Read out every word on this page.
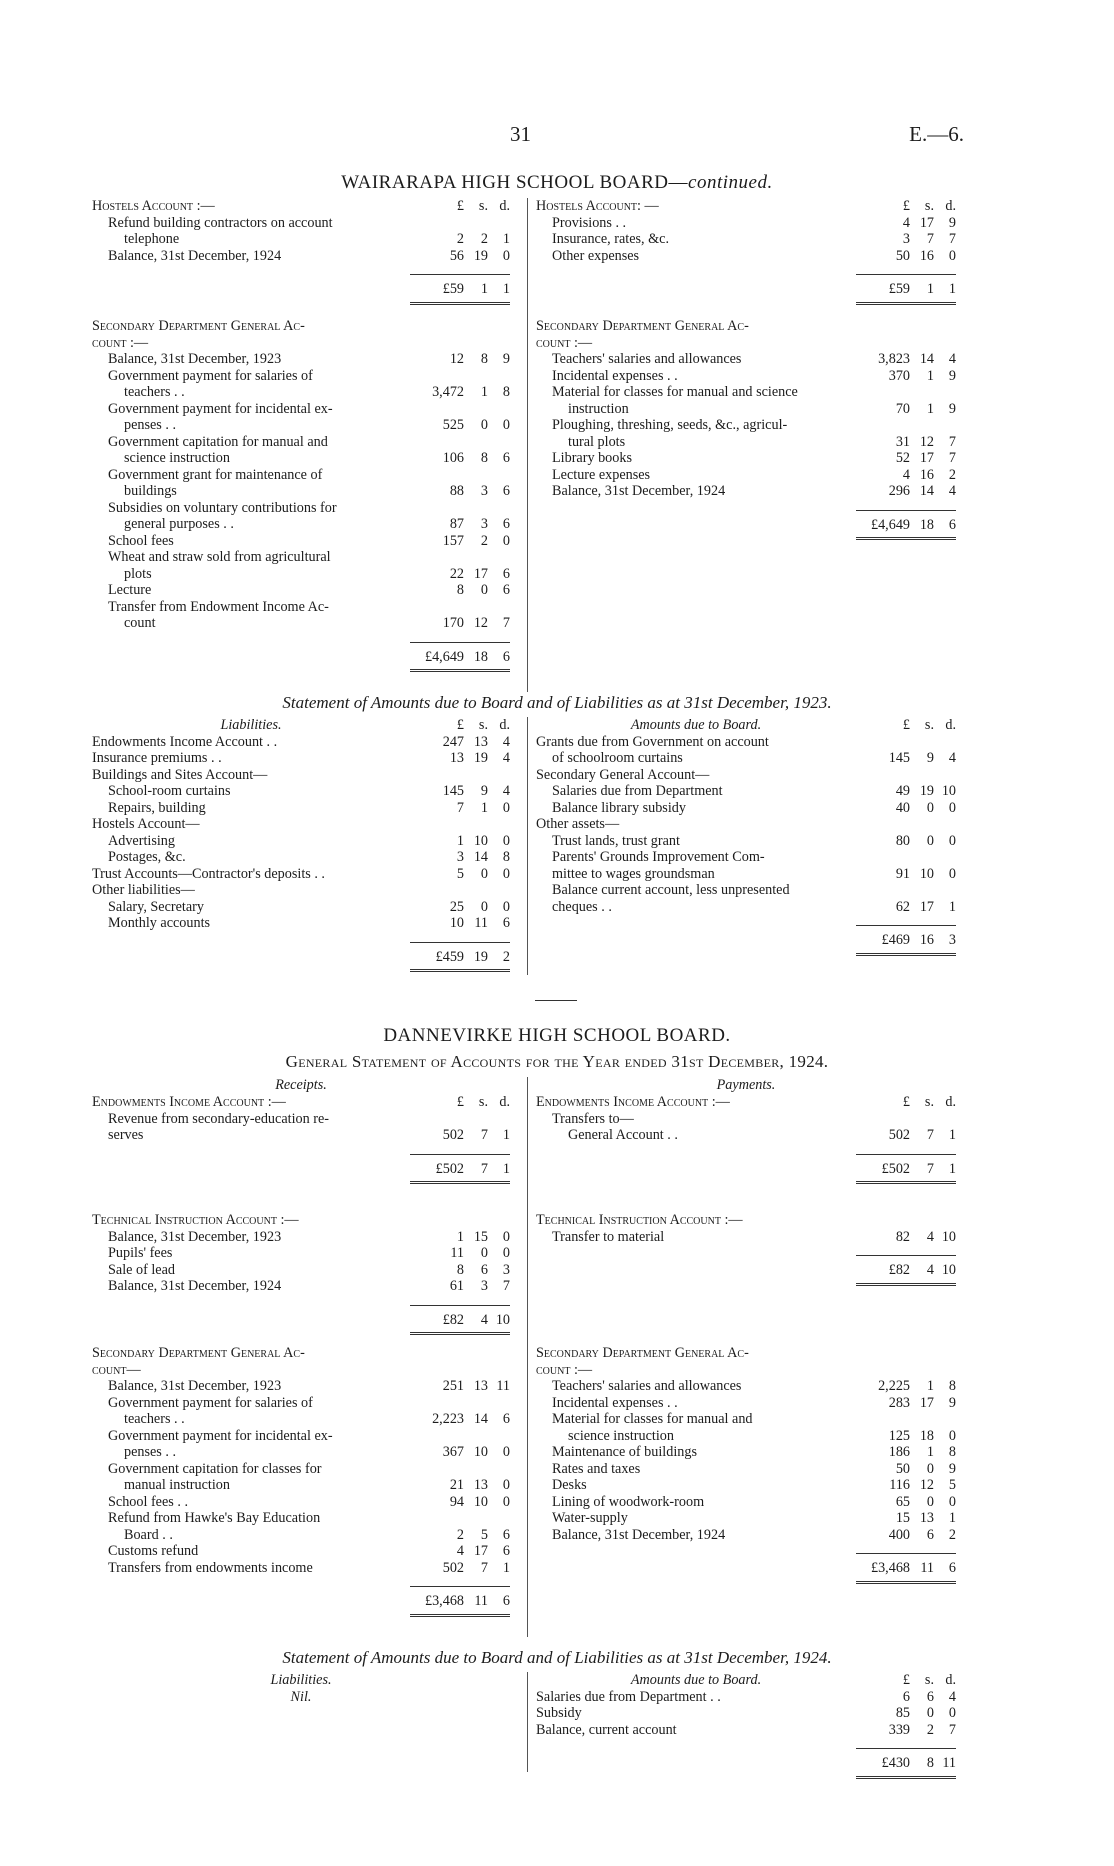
31	E.—6.
WAIRARAPA HIGH SCHOOL BOARD—continued.
Hostels Account :—	£	s. d.
Refund building contractors on account
telephone	2	2	1
Balance, 31st December, 1924	56 19	0
£59	1	1
Hostels Account: —	£	s. d.
Provisions . .	4 17	9
Insurance, rates, &c.	3	7	7
Other expenses	50 16	0
£59	1	1
Secondary Department General Ac-
count :—
Balance, 31st December, 1923	12	8	9
Government payment for salaries of
teachers . .	3,472	1	8
Government payment for incidental ex-
penses . .	525	0	0
Government capitation for manual and
science instruction	106	8	6
Government grant for maintenance of
buildings	88	3	6
Subsidies on voluntary contributions for
general purposes . .	87	3	6
School fees	157	2	0
Wheat and straw sold from agricultural
plots	22 17	6
Lecture	8	0	6
Transfer from Endowment Income Ac-
count	170 12	7
£4,649 18	6
Secondary Department General Ac-
count :—
Teachers' salaries and allowances	3,823 14	4
Incidental expenses . .	370	1	9
Material for classes for manual and science
instruction	70	1	9
Ploughing, threshing, seeds, &c., agricul-
tural plots	31 12	7
Library books	52 17	7
Lecture expenses	4 16	2
Balance, 31st December, 1924	296 14	4
£4,649 18	6
Statement of Amounts due to Board and of Liabilities as at 31st December, 1923.
Liabilities.	£	s. d.
Endowments Income Account . .	247 13	4
Insurance premiums . .	13 19	4
Buildings and Sites Account—
School-room curtains	145	9	4
Repairs, building	7	1	0
Hostels Account—
Advertising	1 10	0
Postages, &c.	3 14	8
Trust Accounts—Contractor's deposits . .	5	0	0
Other liabilities—
Salary, Secretary	25	0	0
Monthly accounts	10 11	6
£459 19	2
Amounts due to Board.	£	s. d.
Grants due from Government on account
of schoolroom curtains	145	9	4
Secondary General Account—
Salaries due from Department	49 19 10
Balance library subsidy	40	0	0
Other assets—
Trust lands, trust grant	80	0	0
Parents' Grounds Improvement Com-
mittee to wages groundsman	91 10	0
Balance current account, less unpresented
cheques . .	62 17	1
£469 16	3
DANNEVIRKE HIGH SCHOOL BOARD.
General Statement of Accounts for the Year ended 31st December, 1924.
Receipts.	Payments.
Endowments Income Account :—	£	s. d.
Revenue from secondary-education re-
serves	502	7	1
£502	7	1
Endowments Income Account :—	£	s. d.
Transfers to—
General Account . .	502	7	1
£502	7	1
Technical Instruction Account :—
Balance, 31st December, 1923	1 15	0
Pupils' fees	11	0	0
Sale of lead	8	6	3
Balance, 31st December, 1924	61	3	7
£82	4 10
Technical Instruction Account :—
Transfer to material	82	4 10
£82	4 10
Secondary Department General Ac-
count—
Balance, 31st December, 1923	251 13 11
Government payment for salaries of
teachers . .	2,223 14	6
Government payment for incidental ex-
penses . .	367 10	0
Government capitation for classes for
manual instruction	21 13	0
School fees . .	94 10	0
Refund from Hawke's Bay Education
Board . .	2	5	6
Customs refund	4 17	6
Transfers from endowments income	502	7	1
£3,468 11	6
Secondary Department General Ac-
count :—
Teachers' salaries and allowances	2,225	1	8
Incidental expenses . .	283 17	9
Material for classes for manual and
science instruction	125 18	0
Maintenance of buildings	186	1	8
Rates and taxes	50	0	9
Desks	116 12	5
Lining of woodwork-room	65	0	0
Water-supply	15 13	1
Balance, 31st December, 1924	400	6	2
£3,468 11	6
Statement of Amounts due to Board and of Liabilities as at 31st December, 1924.
Liabilities.
Nil.
Amounts due to Board.	£	s. d.
Salaries due from Department . .	6	6	4
Subsidy	85	0	0
Balance, current account	339	2	7
£430	8 11
